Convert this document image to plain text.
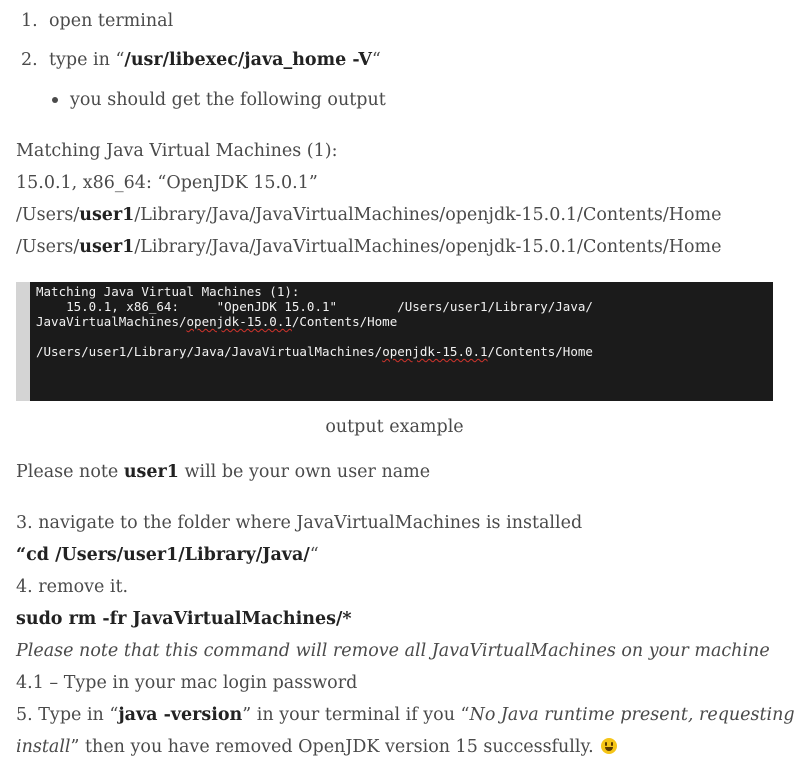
1. open terminal
2. type in “/usr/libexec/java_home -V“
you should get the following output
Matching Java Virtual Machines (1):
15.0.1, x86_64: “OpenJDK 15.0.1”
/Users/user1/Library/Java/JavaVirtualMachines/openjdk-15.0.1/Contents/Home
/Users/user1/Library/Java/JavaVirtualMachines/openjdk-15.0.1/Contents/Home
Matching Java Virtual Machines (1):
15.0.1, x86_64:     "OpenJDK 15.0.1"        /Users/user1/Library/Java/
JavaVirtualMachines/openjdk-15.0.1/Contents/Home
/Users/user1/Library/Java/JavaVirtualMachines/openjdk-15.0.1/Contents/Home
output example
Please note user1 will be your own user name
3. navigate to the folder where JavaVirtualMachines is installed
“cd /Users/user1/Library/Java/“
4. remove it.
sudo rm -fr JavaVirtualMachines/*
Please note that this command will remove all JavaVirtualMachines on your machine
4.1 – Type in your mac login password
5. Type in “java -version” in your terminal if you “No Java runtime present, requesting
install” then you have removed OpenJDK version 15 successfully.
